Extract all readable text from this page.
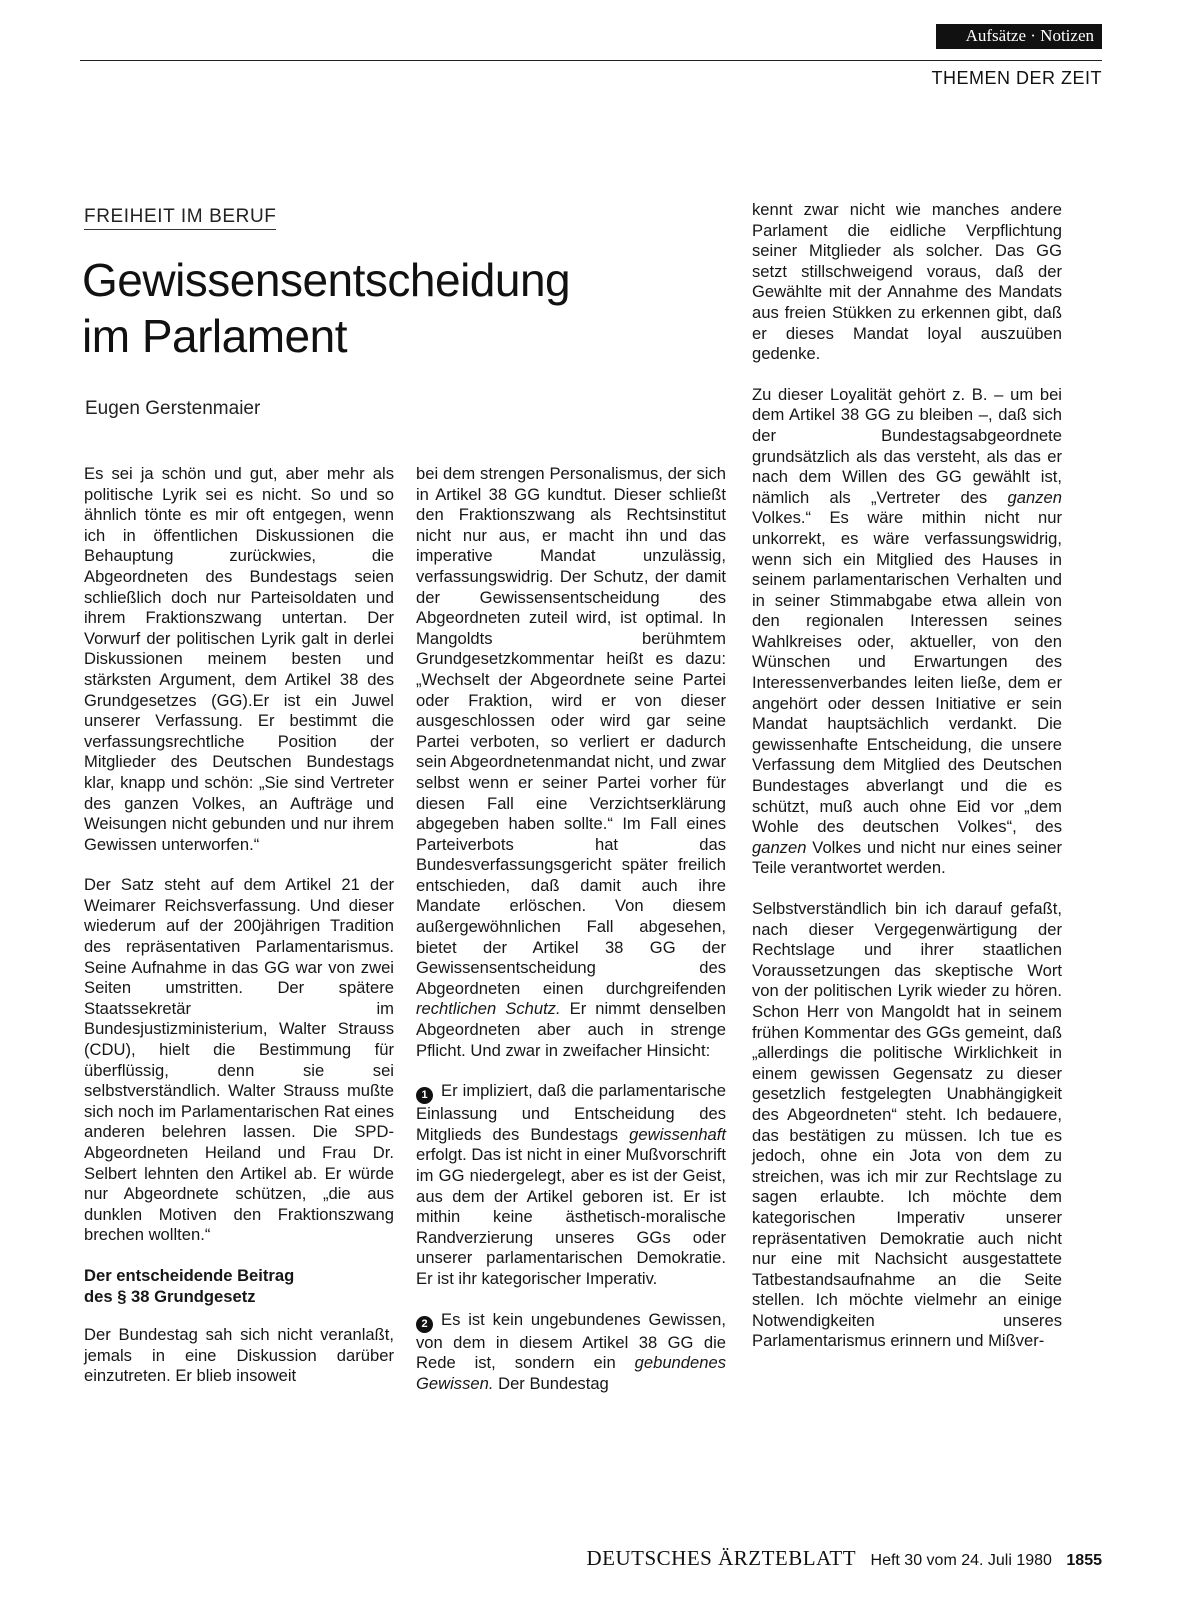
Aufsätze · Notizen
THEMEN DER ZEIT
FREIHEIT IM BERUF
Gewissensentscheidung
im Parlament
Eugen Gerstenmaier

Es sei ja schön und gut, aber mehr als politische Lyrik sei es nicht. So und so ähnlich tönte es mir oft entgegen, wenn ich in öffentlichen Diskussionen die Behauptung zurückwies, die Abgeordneten des Bundestags seien schließlich doch nur Parteisoldaten und ihrem Fraktionszwang untertan. Der Vorwurf der politischen Lyrik galt in derlei Diskussionen meinem besten und stärksten Argument, dem Artikel 38 des Grundgesetzes (GG).Er ist ein Juwel unserer Verfassung. Er bestimmt die verfassungsrechtliche Position der Mitglieder des Deutschen Bundestags klar, knapp und schön: „Sie sind Vertreter des ganzen Volkes, an Aufträge und Weisungen nicht gebunden und nur ihrem Gewissen unterworfen.“

Der Satz steht auf dem Artikel 21 der Weimarer Reichsverfassung. Und dieser wiederum auf der 200jährigen Tradition des repräsentativen Parlamentarismus. Seine Aufnahme in das GG war von zwei Seiten umstritten. Der spätere Staatssekretär im Bundesjustizministerium, Walter Strauss (CDU), hielt die Bestimmung für überflüssig, denn sie sei selbstverständlich. Walter Strauss mußte sich noch im Parlamentarischen Rat eines anderen belehren lassen. Die SPD-Abgeordneten Heiland und Frau Dr. Selbert lehnten den Artikel ab. Er würde nur Abgeordnete schützen, „die aus dunklen Motiven den Fraktionszwang brechen wollten.“

Der entscheidende Beitrag
des § 38 Grundgesetz

Der Bundestag sah sich nicht veranlaßt, jemals in eine Diskussion darüber einzutreten. Er blieb insoweit

bei dem strengen Personalismus, der sich in Artikel 38 GG kundtut. Dieser schließt den Fraktionszwang als Rechtsinstitut nicht nur aus, er macht ihn und das imperative Mandat unzulässig, verfassungswidrig. Der Schutz, der damit der Gewissensentscheidung des Abgeordneten zuteil wird, ist optimal. In Mangoldts berühmtem Grundgesetzkommentar heißt es dazu: „Wechselt der Abgeordnete seine Partei oder Fraktion, wird er von dieser ausgeschlossen oder wird gar seine Partei verboten, so verliert er dadurch sein Abgeordnetenmandat nicht, und zwar selbst wenn er seiner Partei vorher für diesen Fall eine Verzichtserklärung abgegeben haben sollte.“ Im Fall eines Parteiverbots hat das Bundesverfassungsgericht später freilich entschieden, daß damit auch ihre Mandate erlöschen. Von diesem außergewöhnlichen Fall abgesehen, bietet der Artikel 38 GG der Gewissensentscheidung des Abgeordneten einen durchgreifenden rechtlichen Schutz. Er nimmt denselben Abgeordneten aber auch in strenge Pflicht. Und zwar in zweifacher Hinsicht:

1 Er impliziert, daß die parlamentarische Einlassung und Entscheidung des Mitglieds des Bundestags gewissenhaft erfolgt. Das ist nicht in einer Mußvorschrift im GG niedergelegt, aber es ist der Geist, aus dem der Artikel geboren ist. Er ist mithin keine ästhetisch-moralische Randverzierung unseres GGs oder unserer parlamentarischen Demokratie. Er ist ihr kategorischer Imperativ.

2 Es ist kein ungebundenes Gewissen, von dem in diesem Artikel 38 GG die Rede ist, sondern ein gebundenes Gewissen. Der Bundestag

kennt zwar nicht wie manches andere Parlament die eidliche Verpflichtung seiner Mitglieder als solcher. Das GG setzt stillschweigend voraus, daß der Gewählte mit der Annahme des Mandats aus freien Stükken zu erkennen gibt, daß er dieses Mandat loyal auszuüben gedenke.

Zu dieser Loyalität gehört z. B. – um bei dem Artikel 38 GG zu bleiben –, daß sich der Bundestagsabgeordnete grundsätzlich als das versteht, als das er nach dem Willen des GG gewählt ist, nämlich als „Vertreter des ganzen Volkes.“ Es wäre mithin nicht nur unkorrekt, es wäre verfassungswidrig, wenn sich ein Mitglied des Hauses in seinem parlamentarischen Verhalten und in seiner Stimmabgabe etwa allein von den regionalen Interessen seines Wahlkreises oder, aktueller, von den Wünschen und Erwartungen des Interessenverbandes leiten ließe, dem er angehört oder dessen Initiative er sein Mandat hauptsächlich verdankt. Die gewissenhafte Entscheidung, die unsere Verfassung dem Mitglied des Deutschen Bundestages abverlangt und die es schützt, muß auch ohne Eid vor „dem Wohle des deutschen Volkes“, des ganzen Volkes und nicht nur eines seiner Teile verantwortet werden.

Selbstverständlich bin ich darauf gefaßt, nach dieser Vergegenwärtigung der Rechtslage und ihrer staatlichen Voraussetzungen das skeptische Wort von der politischen Lyrik wieder zu hören. Schon Herr von Mangoldt hat in seinem frühen Kommentar des GGs gemeint, daß „allerdings die politische Wirklichkeit in einem gewissen Gegensatz zu dieser gesetzlich festgelegten Unabhängigkeit des Abgeordneten“ steht. Ich bedauere, das bestätigen zu müssen. Ich tue es jedoch, ohne ein Jota von dem zu streichen, was ich mir zur Rechtslage zu sagen erlaubte. Ich möchte dem kategorischen Imperativ unserer repräsentativen Demokratie auch nicht nur eine mit Nachsicht ausgestattete Tatbestandsaufnahme an die Seite stellen. Ich möchte vielmehr an einige Notwendigkeiten unseres Parlamentarismus erinnern und Mißver-

DEUTSCHES ÄRZTEBLATT Heft 30 vom 24. Juli 1980 1855
